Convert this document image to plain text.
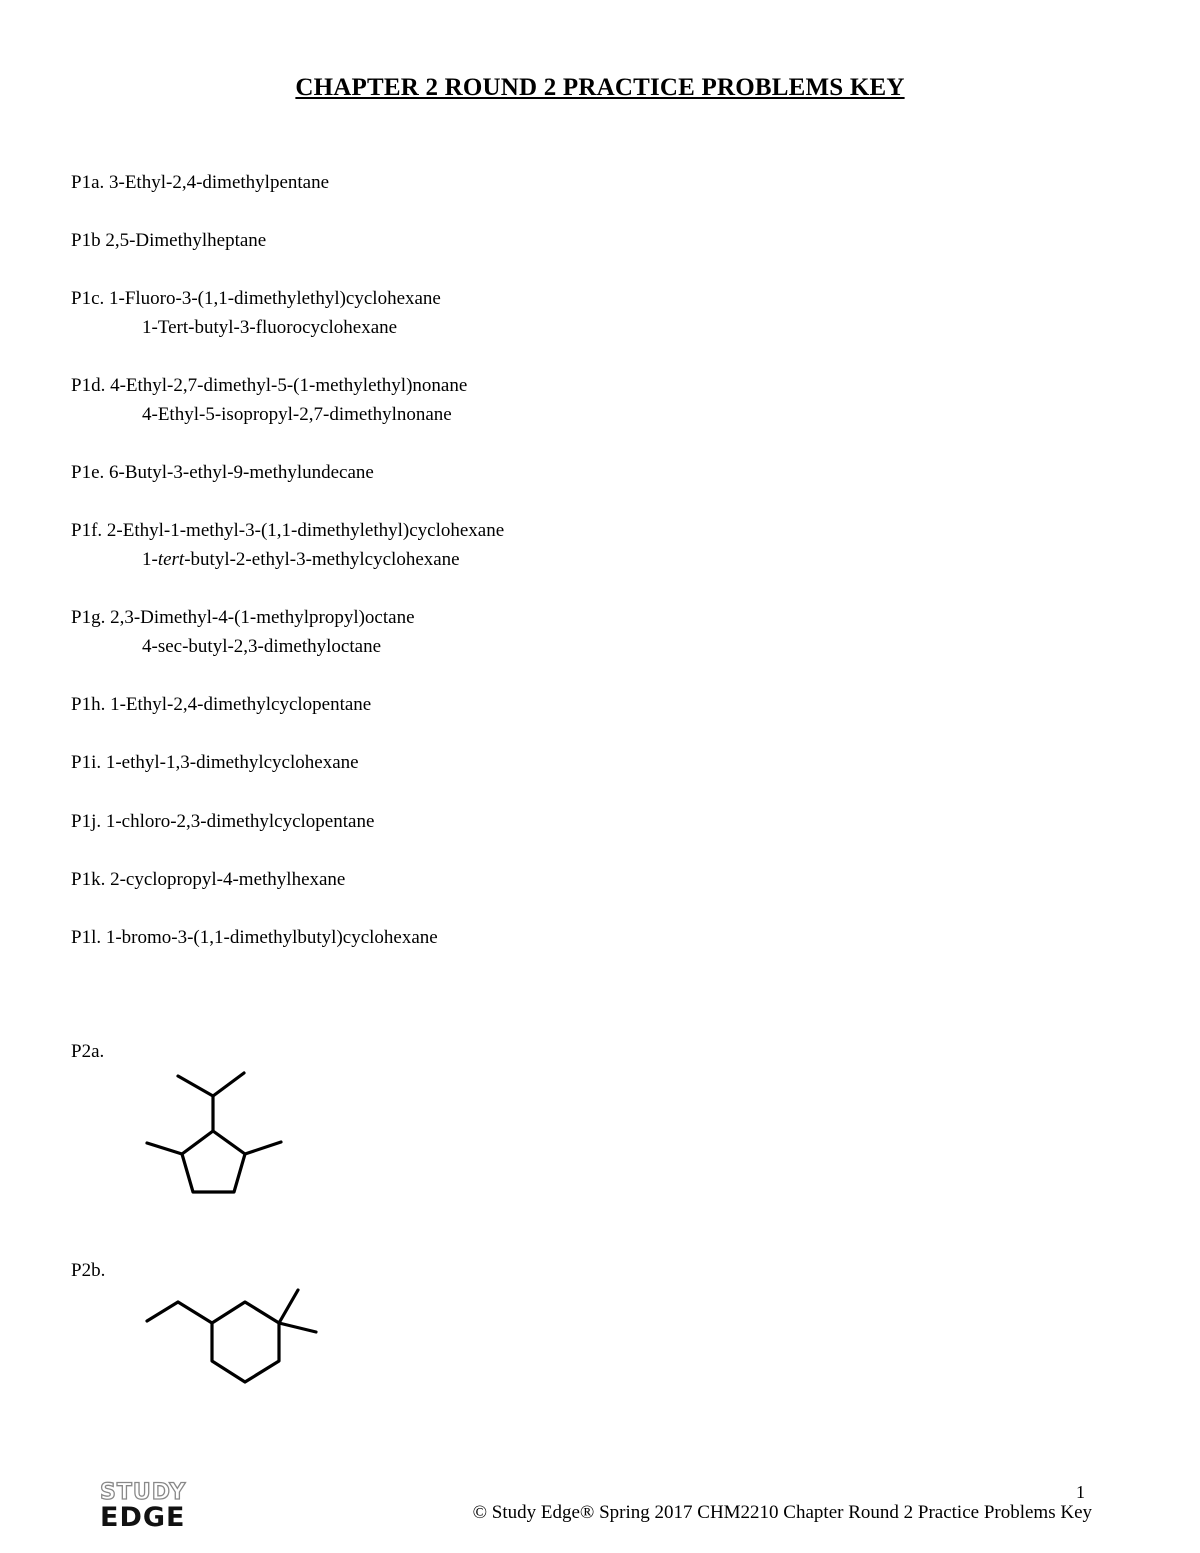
CHAPTER 2 ROUND 2 PRACTICE PROBLEMS KEY
P1a. 3-Ethyl-2,4-dimethylpentane
P1b 2,5-Dimethylheptane
P1c. 1-Fluoro-3-(1,1-dimethylethyl)cyclohexane
1-Tert-butyl-3-fluorocyclohexane
P1d. 4-Ethyl-2,7-dimethyl-5-(1-methylethyl)nonane
4-Ethyl-5-isopropyl-2,7-dimethylnonane
P1e. 6-Butyl-3-ethyl-9-methylundecane
P1f. 2-Ethyl-1-methyl-3-(1,1-dimethylethyl)cyclohexane
1-tert-butyl-2-ethyl-3-methylcyclohexane
P1g. 2,3-Dimethyl-4-(1-methylpropyl)octane
4-sec-butyl-2,3-dimethyloctane
P1h. 1-Ethyl-2,4-dimethylcyclopentane
P1i. 1-ethyl-1,3-dimethylcyclohexane
P1j. 1-chloro-2,3-dimethylcyclopentane
P1k. 2-cyclopropyl-4-methylhexane
P1l. 1-bromo-3-(1,1-dimethylbutyl)cyclohexane
P2a.
P2b.
STUDY
EDGE
1
© Study Edge® Spring 2017 CHM2210 Chapter Round 2 Practice Problems Key
